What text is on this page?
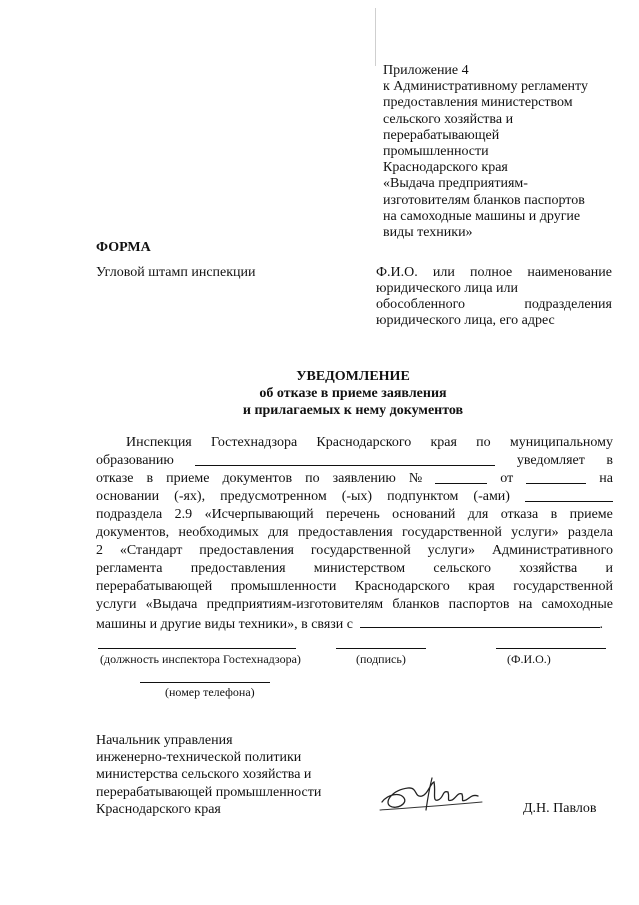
Приложение 4
к Административному регламенту
предоставления министерством
сельского хозяйства и
перерабатывающей
промышленности
Краснодарского края
«Выдача предприятиям-
изготовителям бланков паспортов
на самоходные машины и другие
виды техники»
ФОРМА
Угловой штамп инспекции	Ф.И.О. или полное наименование
юридического лица или
обособленного	подразделения
юридического лица, его адрес
УВЕДОМЛЕНИЕ
об отказе в приеме заявления
и прилагаемых к нему документов
Инспекция Гостехнадзора Краснодарского края по муниципальному
образованию	уведомляет в
отказе в приеме документов по заявлению №	от	на
основании (-ях), предусмотренном (-ых) подпунктом (-ами)
подраздела 2.9 «Исчерпывающий перечень оснований для отказа в приеме
документов, необходимых для предоставления государственной услуги» раздела
2 «Стандарт предоставления государственной услуги» Административного
регламента предоставления министерством сельского хозяйства и
перерабатывающей промышленности Краснодарского края государственной
услуги «Выдача предприятиям-изготовителям бланков паспортов на самоходные
машины и другие виды техники», в связи с	.
(должность инспектора Гостехнадзора)	(подпись)	(Ф.И.О.)
(номер телефона)
Начальник управления
инженерно-технической политики
министерства сельского хозяйства и
перерабатывающей промышленности
Краснодарского края	Д.Н. Павлов
